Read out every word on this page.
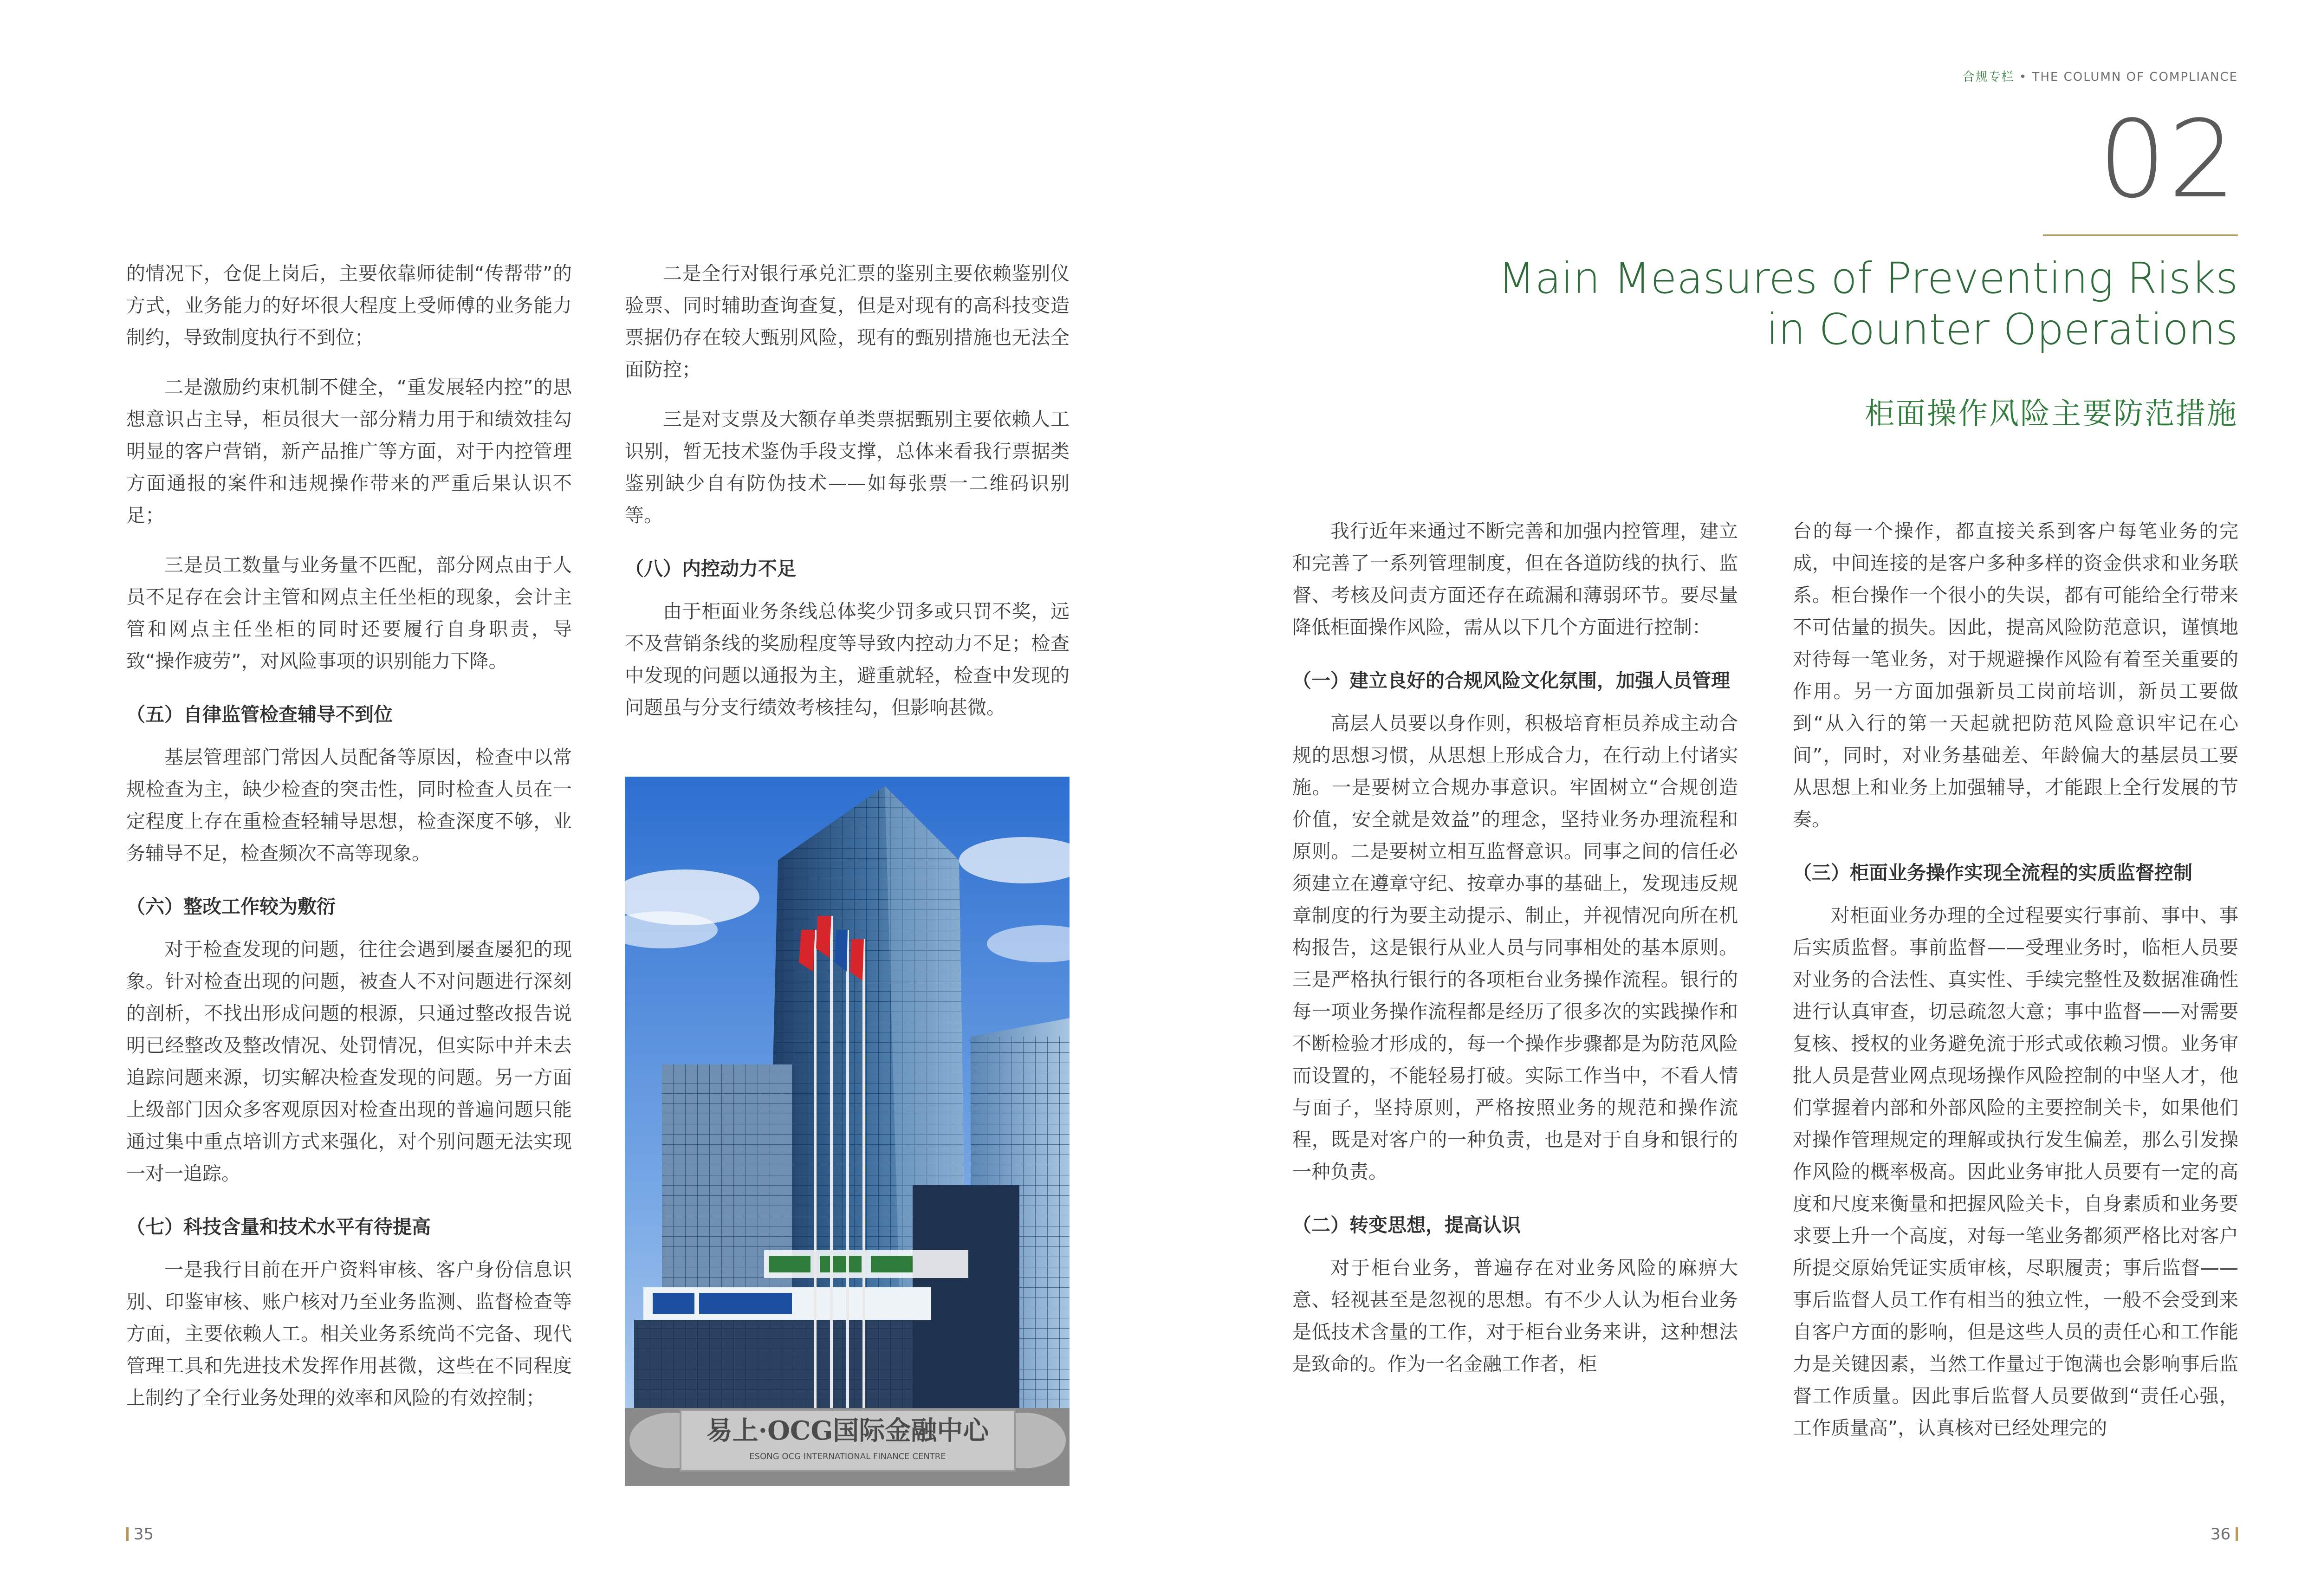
合规专栏 • THE COLUMN OF COMPLIANCE
02
Main Measures of Preventing Risks in Counter Operations
柜面操作风险主要防范措施

的情况下，仓促上岗后，主要依靠师徒制“传帮带”的方式，业务能力的好坏很大程度上受师傅的业务能力制约，导致制度执行不到位；

二是激励约束机制不健全，“重发展轻内控”的思想意识占主导，柜员很大一部分精力用于和绩效挂勾明显的客户营销，新产品推广等方面，对于内控管理方面通报的案件和违规操作带来的严重后果认识不足；

三是员工数量与业务量不匹配，部分网点由于人员不足存在会计主管和网点主任坐柜的现象，会计主管和网点主任坐柜的同时还要履行自身职责，导致“操作疲劳”，对风险事项的识别能力下降。

（五）自律监管检查辅导不到位

基层管理部门常因人员配备等原因，检查中以常规检查为主，缺少检查的突击性，同时检查人员在一定程度上存在重检查轻辅导思想，检查深度不够，业务辅导不足，检查频次不高等现象。

（六）整改工作较为敷衍

对于检查发现的问题，往往会遇到屡查屡犯的现象。针对检查出现的问题，被查人不对问题进行深刻的剖析，不找出形成问题的根源，只通过整改报告说明已经整改及整改情况、处罚情况，但实际中并未去追踪问题来源，切实解决检查发现的问题。另一方面上级部门因众多客观原因对检查出现的普遍问题只能通过集中重点培训方式来强化，对个别问题无法实现一对一追踪。

（七）科技含量和技术水平有待提高

一是我行目前在开户资料审核、客户身份信息识别、印鉴审核、账户核对乃至业务监测、监督检查等方面，主要依赖人工。相关业务系统尚不完备、现代管理工具和先进技术发挥作用甚微，这些在不同程度上制约了全行业务处理的效率和风险的有效控制；

二是全行对银行承兑汇票的鉴别主要依赖鉴别仪验票、同时辅助查询查复，但是对现有的高科技变造票据仍存在较大甄别风险，现有的甄别措施也无法全面防控；

三是对支票及大额存单类票据甄别主要依赖人工识别，暂无技术鉴伪手段支撑，总体来看我行票据类鉴别缺少自有防伪技术——如每张票一二维码识别等。

（八）内控动力不足

由于柜面业务条线总体奖少罚多或只罚不奖，远不及营销条线的奖励程度等导致内控动力不足；检查中发现的问题以通报为主，避重就轻，检查中发现的问题虽与分支行绩效考核挂勾，但影响甚微。

易上·OCG国际金融中心
ESONG OCG INTERNATIONAL FINANCE CENTRE

我行近年来通过不断完善和加强内控管理，建立和完善了一系列管理制度，但在各道防线的执行、监督、考核及问责方面还存在疏漏和薄弱环节。要尽量降低柜面操作风险，需从以下几个方面进行控制：

（一）建立良好的合规风险文化氛围，加强人员管理

高层人员要以身作则，积极培育柜员养成主动合规的思想习惯，从思想上形成合力，在行动上付诸实施。一是要树立合规办事意识。牢固树立“合规创造价值，安全就是效益”的理念，坚持业务办理流程和原则。二是要树立相互监督意识。同事之间的信任必须建立在遵章守纪、按章办事的基础上，发现违反规章制度的行为要主动提示、制止，并视情况向所在机构报告，这是银行从业人员与同事相处的基本原则。三是严格执行银行的各项柜台业务操作流程。银行的每一项业务操作流程都是经历了很多次的实践操作和不断检验才形成的，每一个操作步骤都是为防范风险而设置的，不能轻易打破。实际工作当中，不看人情与面子，坚持原则，严格按照业务的规范和操作流程，既是对客户的一种负责，也是对于自身和银行的一种负责。

（二）转变思想，提高认识

对于柜台业务，普遍存在对业务风险的麻痹大意、轻视甚至是忽视的思想。有不少人认为柜台业务是低技术含量的工作，对于柜台业务来讲，这种想法是致命的。作为一名金融工作者，柜

台的每一个操作，都直接关系到客户每笔业务的完成，中间连接的是客户多种多样的资金供求和业务联系。柜台操作一个很小的失误，都有可能给全行带来不可估量的损失。因此，提高风险防范意识，谨慎地对待每一笔业务，对于规避操作风险有着至关重要的作用。另一方面加强新员工岗前培训，新员工要做到“从入行的第一天起就把防范风险意识牢记在心间”，同时，对业务基础差、年龄偏大的基层员工要从思想上和业务上加强辅导，才能跟上全行发展的节奏。

（三）柜面业务操作实现全流程的实质监督控制

对柜面业务办理的全过程要实行事前、事中、事后实质监督。事前监督——受理业务时，临柜人员要对业务的合法性、真实性、手续完整性及数据准确性进行认真审查，切忌疏忽大意；事中监督——对需要复核、授权的业务避免流于形式或依赖习惯。业务审批人员是营业网点现场操作风险控制的中坚人才，他们掌握着内部和外部风险的主要控制关卡，如果他们对操作管理规定的理解或执行发生偏差，那么引发操作风险的概率极高。因此业务审批人员要有一定的高度和尺度来衡量和把握风险关卡，自身素质和业务要求要上升一个高度，对每一笔业务都须严格比对客户所提交原始凭证实质审核，尽职履责；事后监督——事后监督人员工作有相当的独立性，一般不会受到来自客户方面的影响，但是这些人员的责任心和工作能力是关键因素，当然工作量过于饱满也会影响事后监督工作质量。因此事后监督人员要做到“责任心强，工作质量高”，认真核对已经处理完的

35	36
